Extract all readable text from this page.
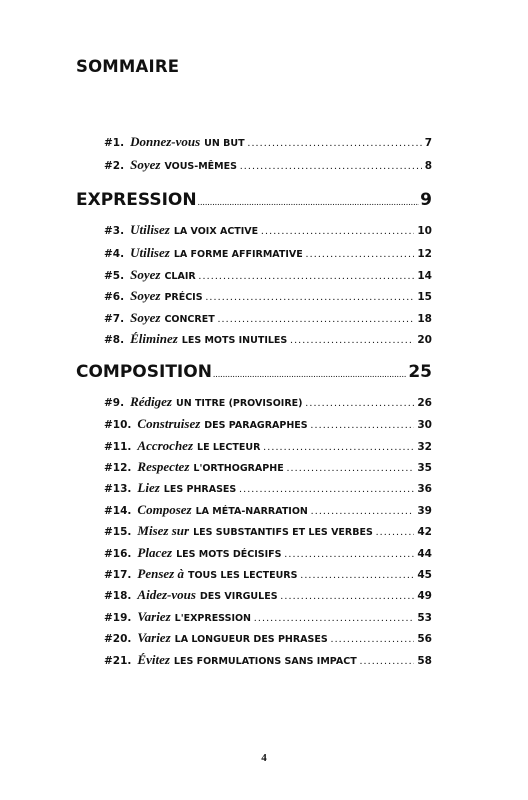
SOMMAIRE
#1. Donnez-vous UN BUT .....	7
#2. Soyez VOUS-MÊMES .....	8
EXPRESSION .....	9
#3. Utilisez LA VOIX ACTIVE .....	10
#4. Utilisez LA FORME AFFIRMATIVE .....	12
#5. Soyez CLAIR .....	14
#6. Soyez PRÉCIS .....	15
#7. Soyez CONCRET .....	18
#8. Éliminez LES MOTS INUTILES .....	20
COMPOSITION .....	25
#9. Rédigez UN TITRE (PROVISOIRE) .....	26
#10. Construisez DES PARAGRAPHES .....	30
#11. Accrochez LE LECTEUR .....	32
#12. Respectez L'ORTHOGRAPHE .....	35
#13. Liez LES PHRASES .....	36
#14. Composez LA MÉTA-NARRATION .....	39
#15. Misez sur LES SUBSTANTIFS ET LES VERBES .....	42
#16. Placez LES MOTS DÉCISIFS .....	44
#17. Pensez à TOUS LES LECTEURS .....	45
#18. Aidez-vous DES VIRGULES .....	49
#19. Variez L'EXPRESSION .....	53
#20. Variez LA LONGUEUR DES PHRASES .....	56
#21. Évitez LES FORMULATIONS SANS IMPACT .....	58
4
